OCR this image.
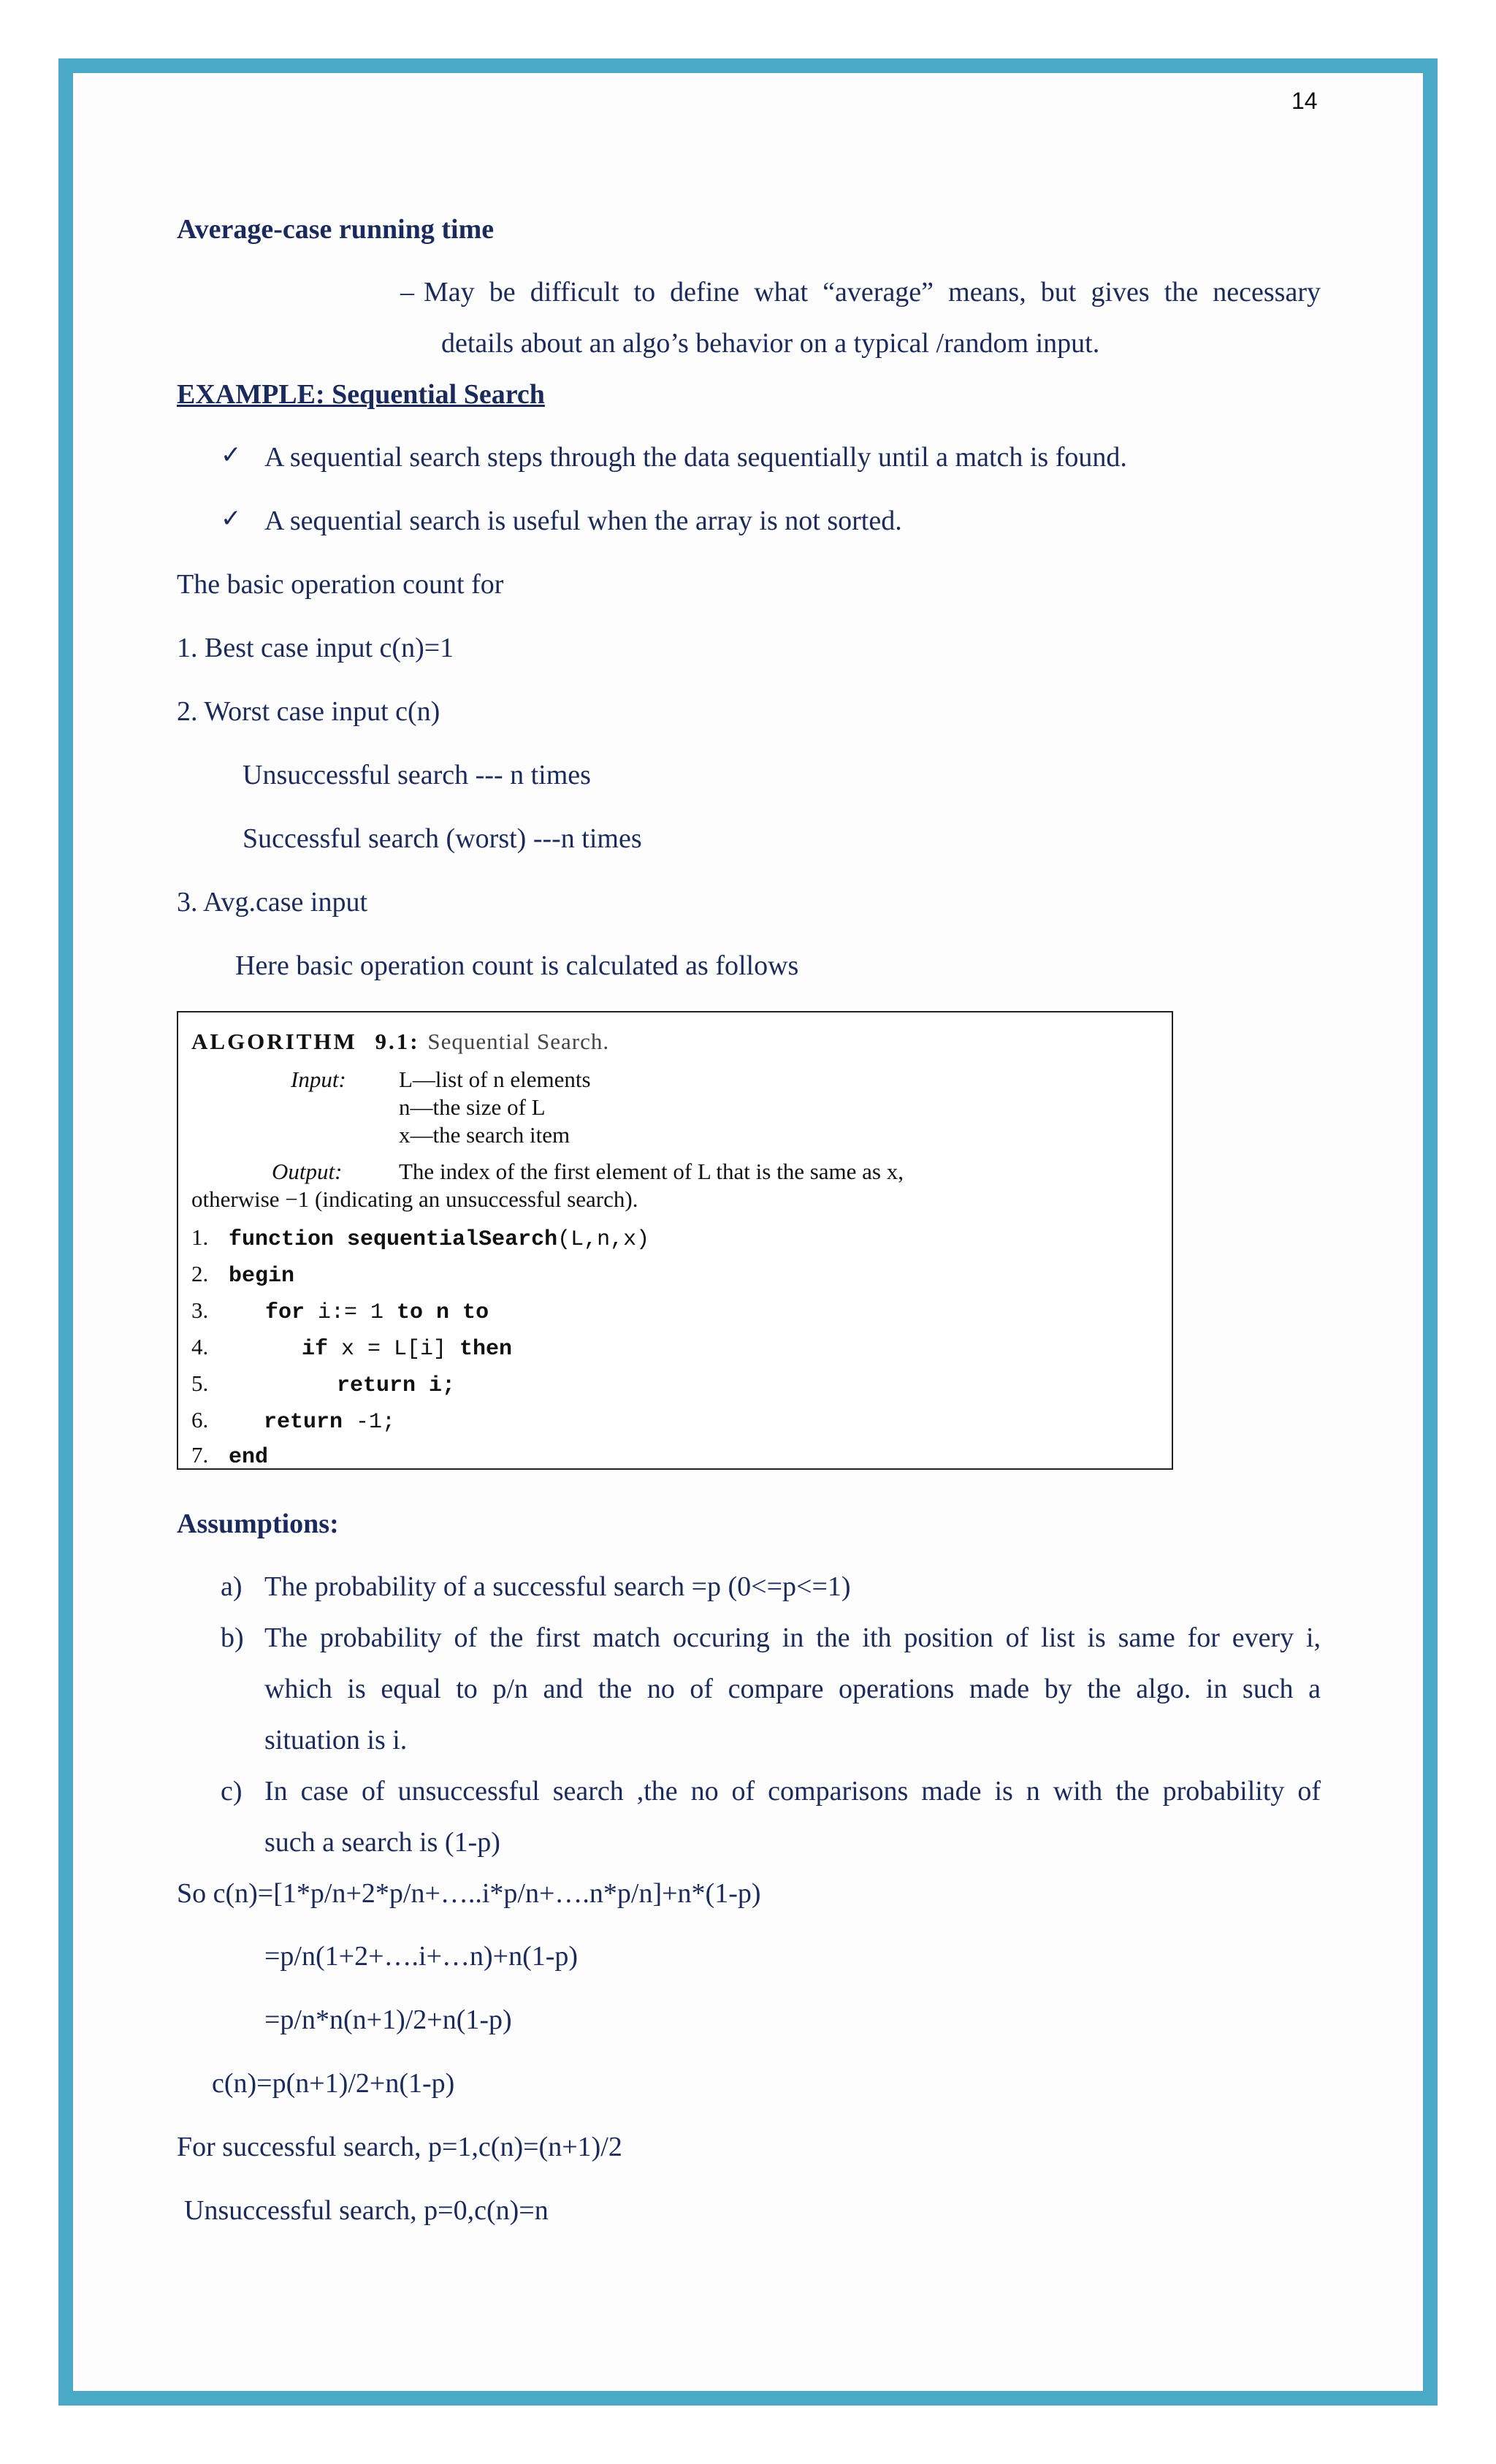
14
Average-case running time
– May be difficult to define what “average” means, but gives the necessary
details about an algo’s behavior on a typical /random input.
EXAMPLE: Sequential Search
✓ A sequential search steps through the data sequentially until a match is found.
✓ A sequential search is useful when the array is not sorted.
The basic operation count for
1. Best case input c(n)=1
2. Worst case input c(n)
Unsuccessful search --- n times
Successful search (worst) ---n times
3. Avg.case input
Here basic operation count is calculated as follows
ALGORITHM 9.1: Sequential Search.
Input: L—list of n elements
n—the size of L
x—the search item
Output:	The index of the first element of L that is the same as x,
otherwise −1 (indicating an unsuccessful search).
1. function sequentialSearch(L,n,x)
2. begin
3.	for i:= 1 to n to
4.	if x = L[i] then
5.	return i;
6.	return -1;
7. end
Assumptions:
a) The probability of a successful search =p (0<=p<=1)
b) The probability of the first match occuring in the ith position of list is same for every i,
which is equal to p/n and the no of compare operations made by the algo. in such a
situation is i.
c) In case of unsuccessful search ,the no of comparisons made is n with the probability of
such a search is (1-p)
So c(n)=[1*p/n+2*p/n+…..i*p/n+….n*p/n]+n*(1-p)
=p/n(1+2+….i+…n)+n(1-p)
=p/n*n(n+1)/2+n(1-p)
c(n)=p(n+1)/2+n(1-p)
For successful search, p=1,c(n)=(n+1)/2
Unsuccessful search, p=0,c(n)=n
